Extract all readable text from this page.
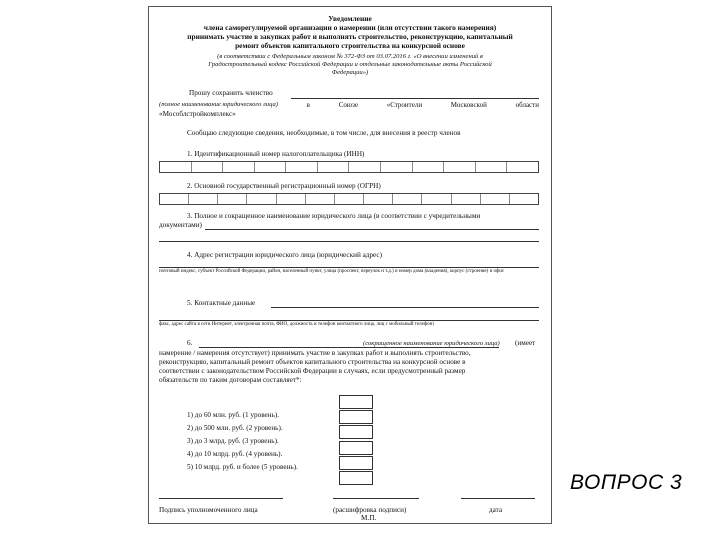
Уведомление
члена саморегулируемой организации о намерении (или отсутствии такого намерения)
принимать участие в закупках работ и выполнять строительство, реконструкцию, капитальный
ремонт объектов капитального строительства на конкурсной основе
(в соответствии с Федеральным законом № 372-ФЗ от 03.07.2016 г. «О внесении изменений в
Градостроительный кодекс Российской Федерации и отдельные законодательные акты Российской
Федерации»)
Прошу сохранить членство
(полное наименование юридического лица)	в	Союзе	«Строители	Московской	области
«Мособлстройкомплекс»
Сообщаю следующие сведения, необходимые, в том числе, для внесения в реестр членов
1. Идентификационный номер налогоплательщика (ИНН)
2. Основной государственный регистрационный номер (ОГРН)
3. Полное и сокращенное наименование юридического лица (в соответствии с учредительными
документами)
4. Адрес регистрации юридического лица (юридический адрес)
почтовый индекс, субъект Российской Федерации, район, населенный пункт, улица (проспект, переулок и т.д.) и номер дома (владения), корпус (строение) и офис
5. Контактные данные
факс, адрес сайта в сети Интернет, электронная почта, ФИО, должность и телефон контактного лица, лиц с мобильный телефон)
6.	(сокращенное наименование юридического лица) (имеет
намерение / намерения отсутствует) принимать участие в закупках работ и выполнять строительство,
реконструкцию, капитальный ремонт объектов капитального строительства на конкурсной основе в
соответствии с законодательством Российской Федерации в случаях, если предусмотренный размер
обязательств по таким договорам составляет*:
1) до 60 млн. руб. (1 уровень).
2) до 500 млн. руб. (2 уровень).
3) до 3 млрд. руб. (3 уровень).
4) до 10 млрд. руб. (4 уровень).
5) 10 млрд. руб. и более (5 уровень).
Подпись уполномоченного лица	(расшифровка подписи)	дата
М.П.
ВОПРОС 3
